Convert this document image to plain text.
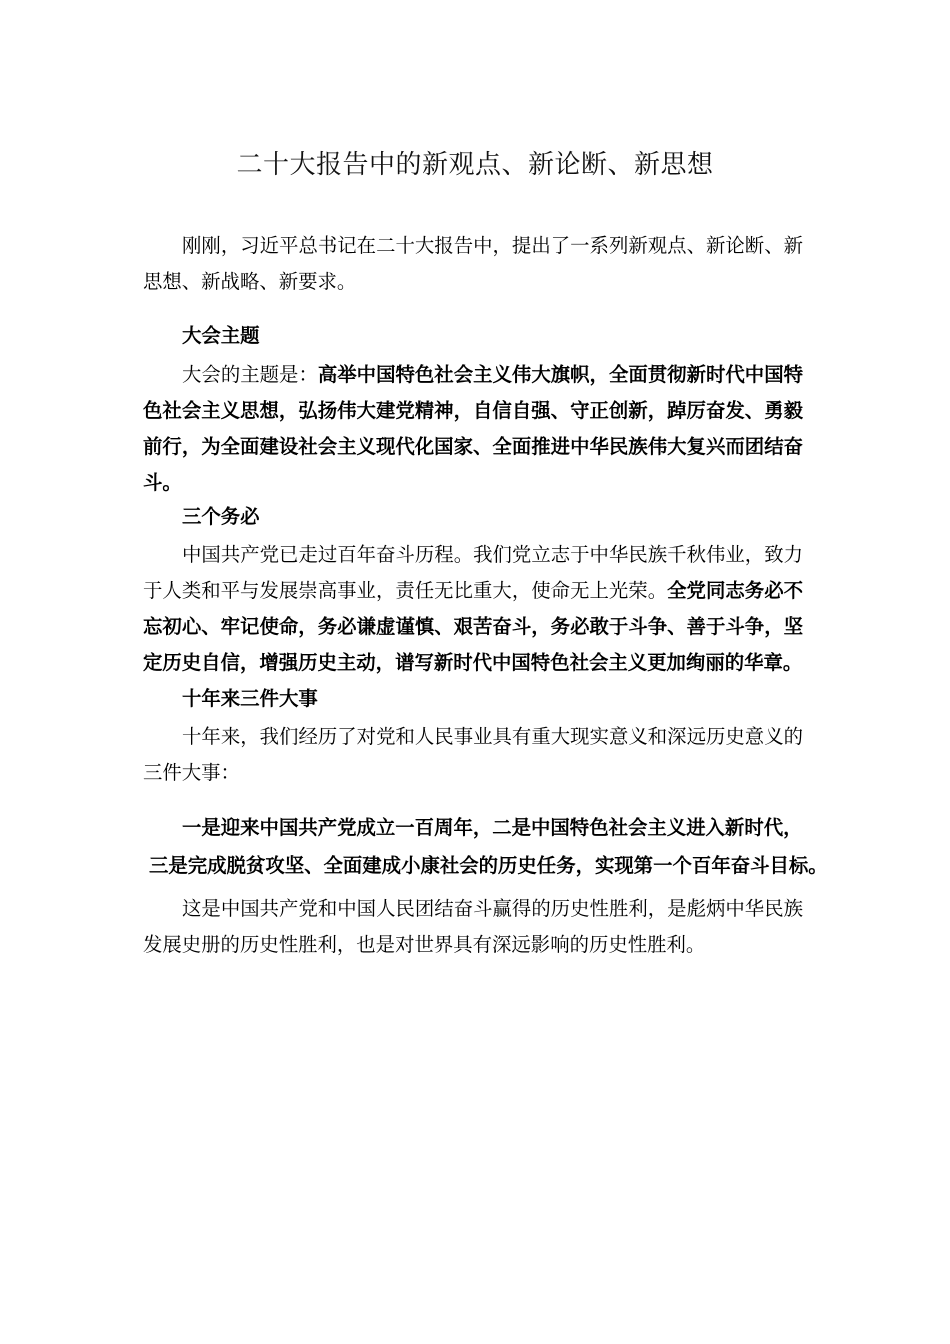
二十大报告中的新观点、新论断、新思想

刚刚，习近平总书记在二十大报告中，提出了一系列新观点、新论断、新思想、新战略、新要求。

大会主题

大会的主题是：高举中国特色社会主义伟大旗帜，全面贯彻新时代中国特色社会主义思想，弘扬伟大建党精神，自信自强、守正创新，踔厉奋发、勇毅前行，为全面建设社会主义现代化国家、全面推进中华民族伟大复兴而团结奋斗。

三个务必

中国共产党已走过百年奋斗历程。我们党立志于中华民族千秋伟业，致力于人类和平与发展崇高事业，责任无比重大，使命无上光荣。全党同志务必不忘初心、牢记使命，务必谦虚谨慎、艰苦奋斗，务必敢于斗争、善于斗争，坚定历史自信，增强历史主动，谱写新时代中国特色社会主义更加绚丽的华章。

十年来三件大事

十年来，我们经历了对党和人民事业具有重大现实意义和深远历史意义的三件大事：

一是迎来中国共产党成立一百周年，二是中国特色社会主义进入新时代，

三是完成脱贫攻坚、全面建成小康社会的历史任务，实现第一个百年奋斗目标。

这是中国共产党和中国人民团结奋斗赢得的历史性胜利，是彪炳中华民族发展史册的历史性胜利，也是对世界具有深远影响的历史性胜利。
